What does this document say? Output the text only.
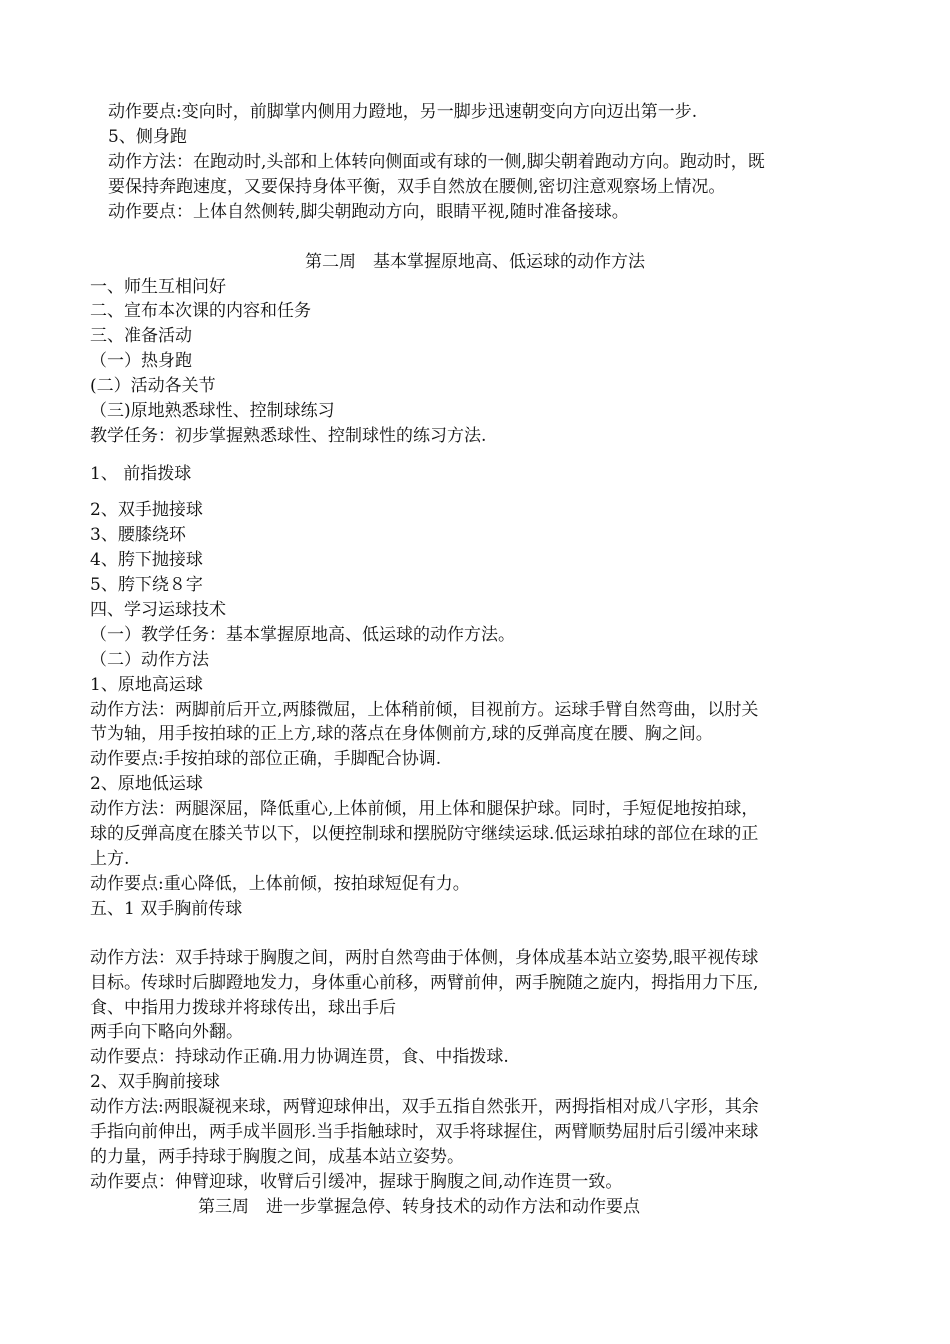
动作要点:变向时，前脚掌内侧用力蹬地，另一脚步迅速朝变向方向迈出第一步.
5、侧身跑
动作方法：在跑动时,头部和上体转向侧面或有球的一侧,脚尖朝着跑动方向。跑动时，既
要保持奔跑速度，又要保持身体平衡，双手自然放在腰侧,密切注意观察场上情况。
动作要点：上体自然侧转,脚尖朝跑动方向，眼睛平视,随时准备接球。
第二周　基本掌握原地高、低运球的动作方法
一、师生互相问好
二、宣布本次课的内容和任务
三、准备活动
（一）热身跑
(二）活动各关节
（三)原地熟悉球性、控制球练习
教学任务：初步掌握熟悉球性、控制球性的练习方法.
1、 前指拨球
2、双手抛接球
3、腰膝绕环
4、胯下抛接球
5、胯下绕８字
四、学习运球技术
（一）教学任务：基本掌握原地高、低运球的动作方法。
（二）动作方法
1、原地高运球
动作方法：两脚前后开立,两膝微屈，上体稍前倾，目视前方。运球手臂自然弯曲，以肘关
节为轴，用手按拍球的正上方,球的落点在身体侧前方,球的反弹高度在腰、胸之间。
动作要点:手按拍球的部位正确，手脚配合协调.
2、原地低运球
动作方法：两腿深屈，降低重心,上体前倾，用上体和腿保护球。同时，手短促地按拍球，
球的反弹高度在膝关节以下，以便控制球和摆脱防守继续运球.低运球拍球的部位在球的正
上方.
动作要点:重心降低，上体前倾，按拍球短促有力。
五、1 双手胸前传球
动作方法：双手持球于胸腹之间，两肘自然弯曲于体侧，身体成基本站立姿势,眼平视传球
目标。传球时后脚蹬地发力，身体重心前移，两臂前伸，两手腕随之旋内，拇指用力下压,
食、中指用力拨球并将球传出，球出手后
两手向下略向外翻。
动作要点：持球动作正确.用力协调连贯，食、中指拨球.
2、双手胸前接球
动作方法:两眼凝视来球，两臂迎球伸出，双手五指自然张开，两拇指相对成八字形，其余
手指向前伸出，两手成半圆形.当手指触球时，双手将球握住，两臂顺势屈肘后引缓冲来球
的力量，两手持球于胸腹之间，成基本站立姿势。
动作要点：伸臂迎球，收臂后引缓冲，握球于胸腹之间,动作连贯一致。
第三周　进一步掌握急停、转身技术的动作方法和动作要点
